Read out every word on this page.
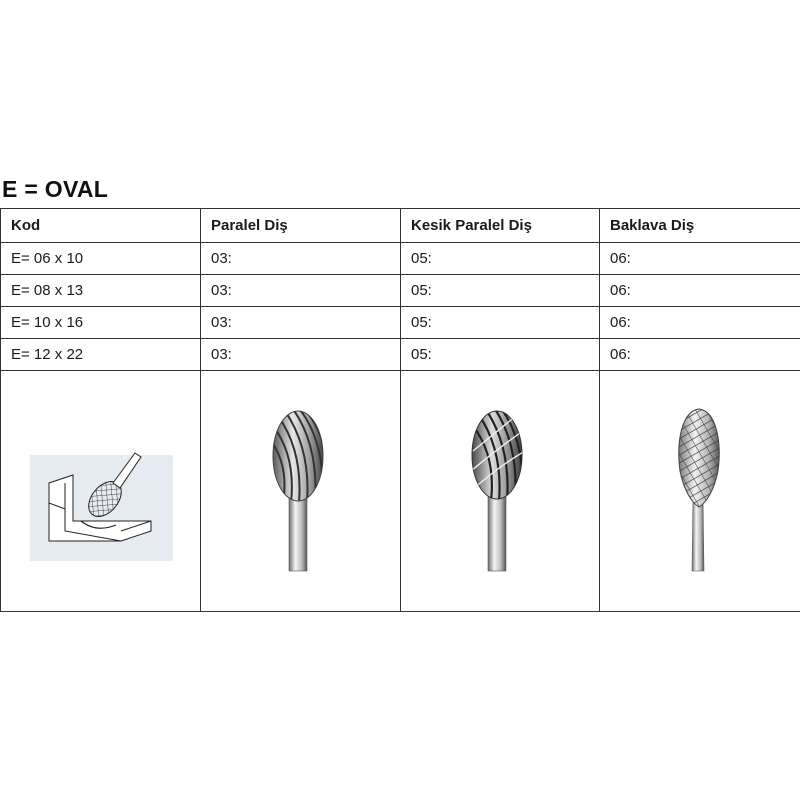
E = OVAL
Kod	Paralel Diş	Kesik Paralel Diş	Baklava Diş
E= 06 x 10	03:	05:	06:
E= 08 x 13	03:	05:	06:
E= 10 x 16	03:	05:	06:
E= 12 x 22	03:	05:	06:
